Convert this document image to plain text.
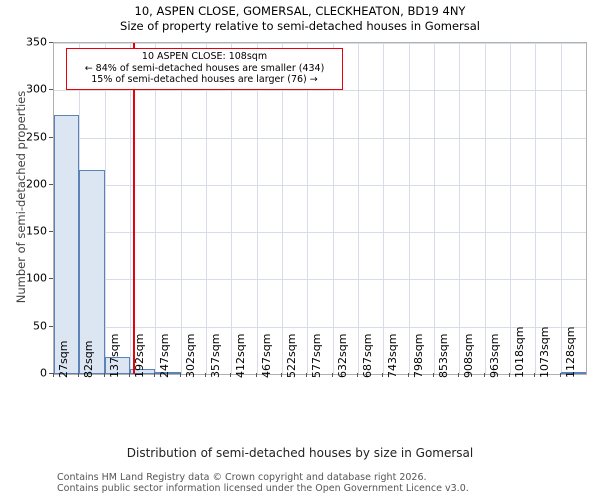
10, ASPEN CLOSE, GOMERSAL, CLECKHEATON, BD19 4NY
Size of property relative to semi-detached houses in Gomersal
Number of semi-detached properties
Distribution of semi-detached houses by size in Gomersal
10 ASPEN CLOSE: 108sqm
← 84% of semi-detached houses are smaller (434)
15% of semi-detached houses are larger (76) →
Contains HM Land Registry data © Crown copyright and database right 2026.
Contains public sector information licensed under the Open Government Licence v3.0.
0
50
100
150
200
250
300
350
27sqm 82sqm 137sqm 192sqm 247sqm 302sqm 357sqm 412sqm 467sqm 522sqm 577sqm 632sqm 687sqm 743sqm 798sqm 853sqm 908sqm 963sqm 1018sqm 1073sqm 1128sqm
